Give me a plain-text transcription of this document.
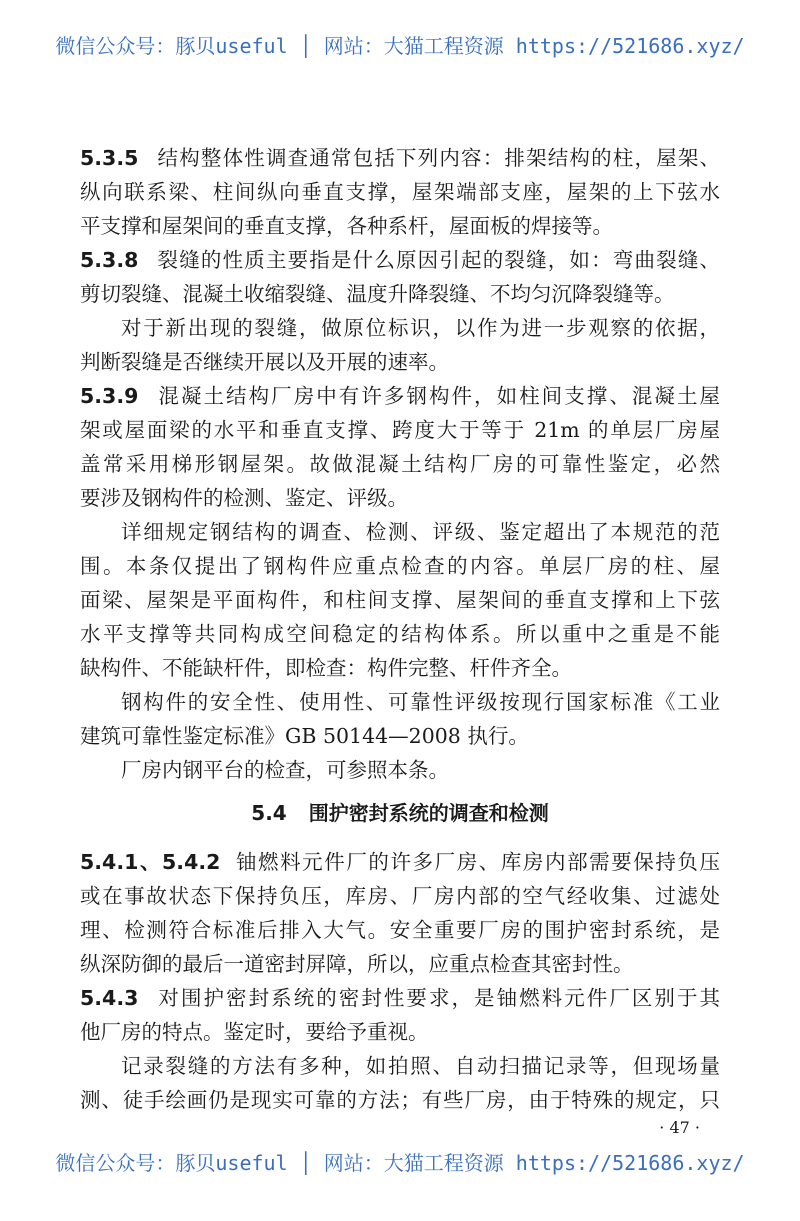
微信公众号：豚贝useful │ 网站：大猫工程资源 https://521686.xyz/
5.3.5 结构整体性调查通常包括下列内容：排架结构的柱，屋架、
纵向联系梁、柱间纵向垂直支撑，屋架端部支座，屋架的上下弦水
平支撑和屋架间的垂直支撑，各种系杆，屋面板的焊接等。
5.3.8 裂缝的性质主要指是什么原因引起的裂缝，如：弯曲裂缝、
剪切裂缝、混凝土收缩裂缝、温度升降裂缝、不均匀沉降裂缝等。
对于新出现的裂缝，做原位标识，以作为进一步观察的依据，
判断裂缝是否继续开展以及开展的速率。
5.3.9 混凝土结构厂房中有许多钢构件，如柱间支撑、混凝土屋
架或屋面梁的水平和垂直支撑、跨度大于等于 21m 的单层厂房屋
盖常采用梯形钢屋架。故做混凝土结构厂房的可靠性鉴定，必然
要涉及钢构件的检测、鉴定、评级。
详细规定钢结构的调查、检测、评级、鉴定超出了本规范的范
围。本条仅提出了钢构件应重点检查的内容。单层厂房的柱、屋
面梁、屋架是平面构件，和柱间支撑、屋架间的垂直支撑和上下弦
水平支撑等共同构成空间稳定的结构体系。所以重中之重是不能
缺构件、不能缺杆件，即检查：构件完整、杆件齐全。
钢构件的安全性、使用性、可靠性评级按现行国家标准《工业
建筑可靠性鉴定标准》GB 50144—2008 执行。
厂房内钢平台的检查，可参照本条。
5.4 围护密封系统的调查和检测
5.4.1、5.4.2 铀燃料元件厂的许多厂房、库房内部需要保持负压
或在事故状态下保持负压，库房、厂房内部的空气经收集、过滤处
理、检测符合标准后排入大气。安全重要厂房的围护密封系统，是
纵深防御的最后一道密封屏障，所以，应重点检查其密封性。
5.4.3 对围护密封系统的密封性要求，是铀燃料元件厂区别于其
他厂房的特点。鉴定时，要给予重视。
记录裂缝的方法有多种，如拍照、自动扫描记录等，但现场量
测、徒手绘画仍是现实可靠的方法；有些厂房，由于特殊的规定，只
· 47 ·
微信公众号：豚贝useful │ 网站：大猫工程资源 https://521686.xyz/
